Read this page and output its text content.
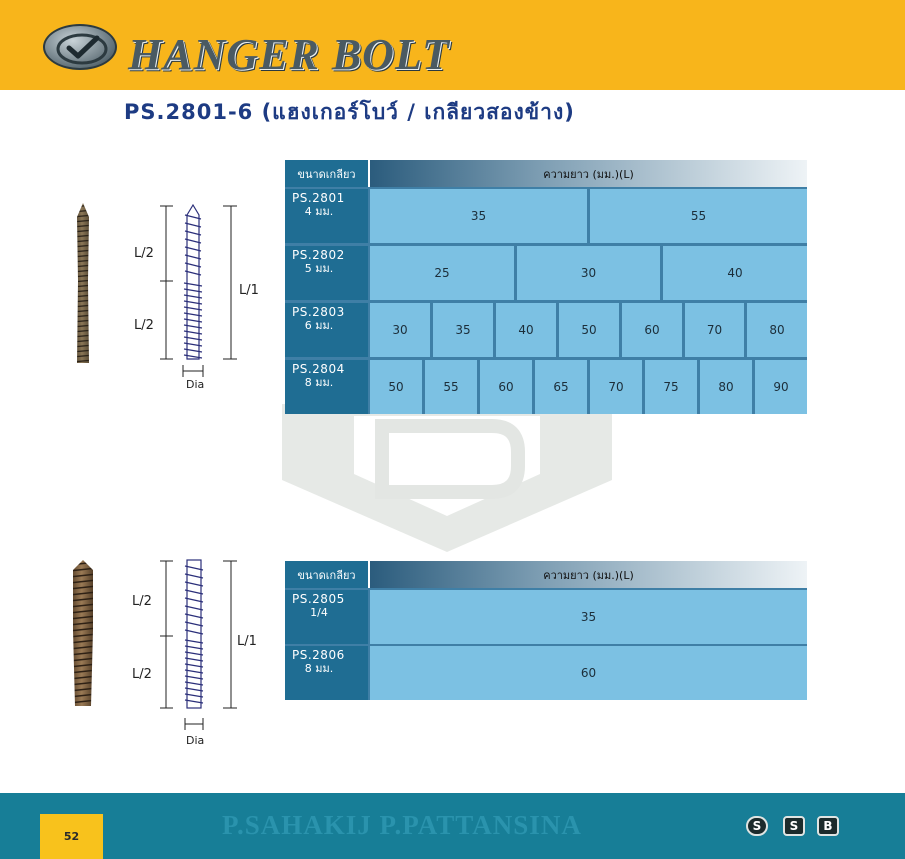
HANGER BOLT
PS.2801-6 (แฮงเกอร์โบว์ / เกลียวสองข้าง)
L/2
L/2
L/1
Dia
ขนาดเกลียว	ความยาว (มม.)(L)
PS.2801
4 มม.	35	55
PS.2802
5 มม.	25	30	40
PS.2803
6 มม.	30	35	40	50	60	70	80
PS.2804
8 มม.	50	55	60	65	70	75	80	90
L/2
L/2
L/1
Dia
ขนาดเกลียว	ความยาว (มม.)(L)
PS.2805
1/4	35
PS.2806
8 มม.	60
52	P.SAHAKIJ P.PATTANSINA	S	S	B
